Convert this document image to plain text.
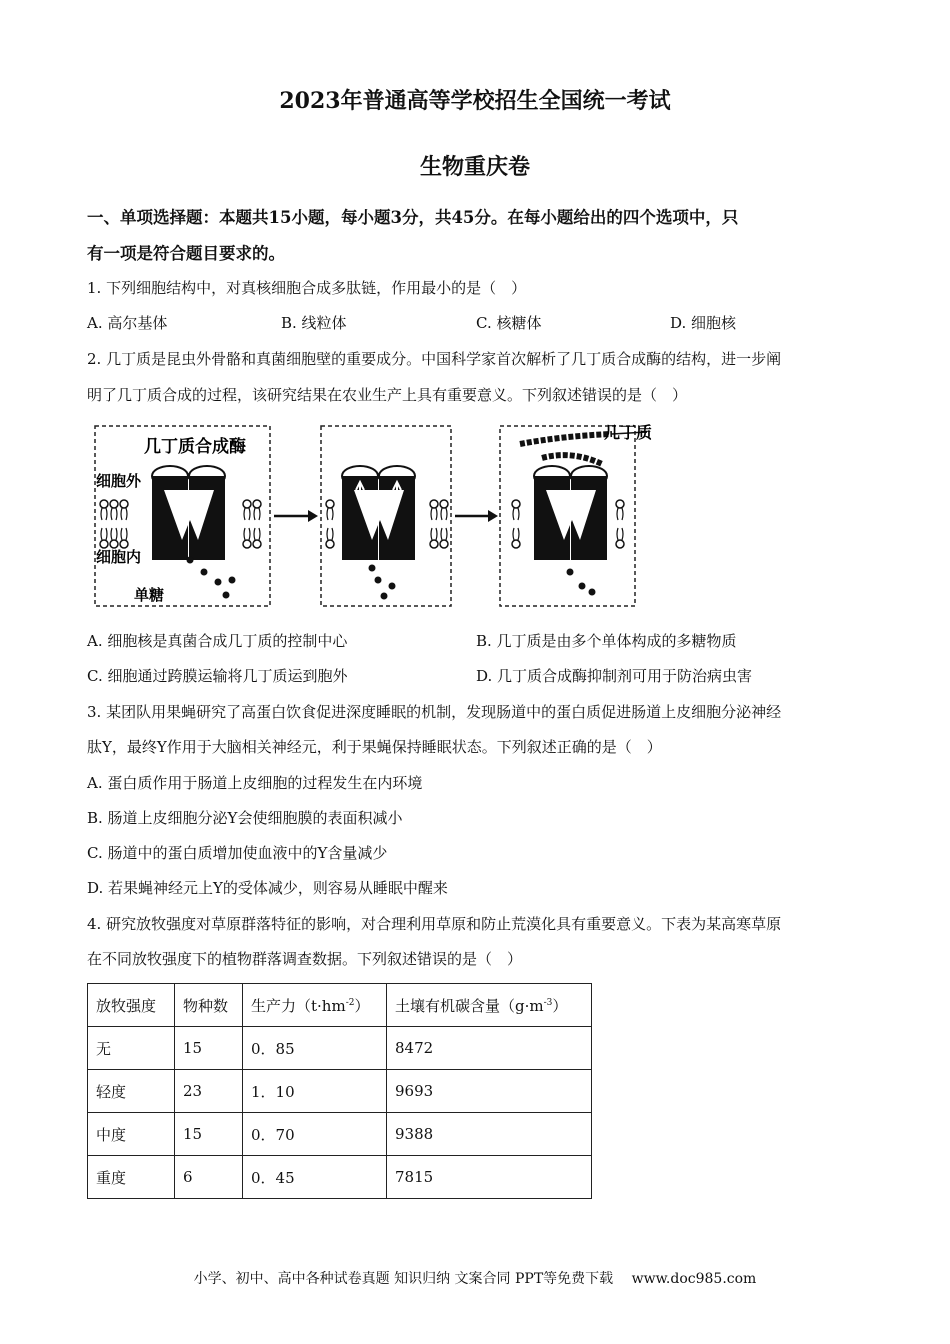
2023年普通高等学校招生全国统一考试
生物重庆卷
一、单项选择题：本题共15小题，每小题3分，共45分。在每小题给出的四个选项中，只
有一项是符合题目要求的。
1. 下列细胞结构中，对真核细胞合成多肽链，作用最小的是（　）
A. 高尔基体	B. 线粒体	C. 核糖体	D. 细胞核
2. 几丁质是昆虫外骨骼和真菌细胞壁的重要成分。中国科学家首次解析了几丁质合成酶的结构，进一步阐
明了几丁质合成的过程，该研究结果在农业生产上具有重要意义。下列叙述错误的是（　）
几丁质合成酶
细胞外
细胞内
单糖
几丁质
A. 细胞核是真菌合成几丁质的控制中心	B. 几丁质是由多个单体构成的多糖物质
C. 细胞通过跨膜运输将几丁质运到胞外	D. 几丁质合成酶抑制剂可用于防治病虫害
3. 某团队用果蝇研究了高蛋白饮食促进深度睡眠的机制，发现肠道中的蛋白质促进肠道上皮细胞分泌神经
肽Y，最终Y作用于大脑相关神经元，利于果蝇保持睡眠状态。下列叙述正确的是（　）
A. 蛋白质作用于肠道上皮细胞的过程发生在内环境
B. 肠道上皮细胞分泌Y会使细胞膜的表面积减小
C. 肠道中的蛋白质增加使血液中的Y含量减少
D. 若果蝇神经元上Y的受体减少，则容易从睡眠中醒来
4. 研究放牧强度对草原群落特征的影响，对合理利用草原和防止荒漠化具有重要意义。下表为某高寒草原
在不同放牧强度下的植物群落调查数据。下列叙述错误的是（　）
放牧强度	物种数	生产力$(t\cdot hm^{-2})$	土壤有机碳含量$(g\cdot m^{-3})$
无	15	0．85	8472
轻度	23	1．10	9693
中度	15	0．70	9388
重度	6	0．45	7815
小学、初中、高中各种试卷真题 知识归纳 文案合同 PPT等免费下载　 www.doc985.com
